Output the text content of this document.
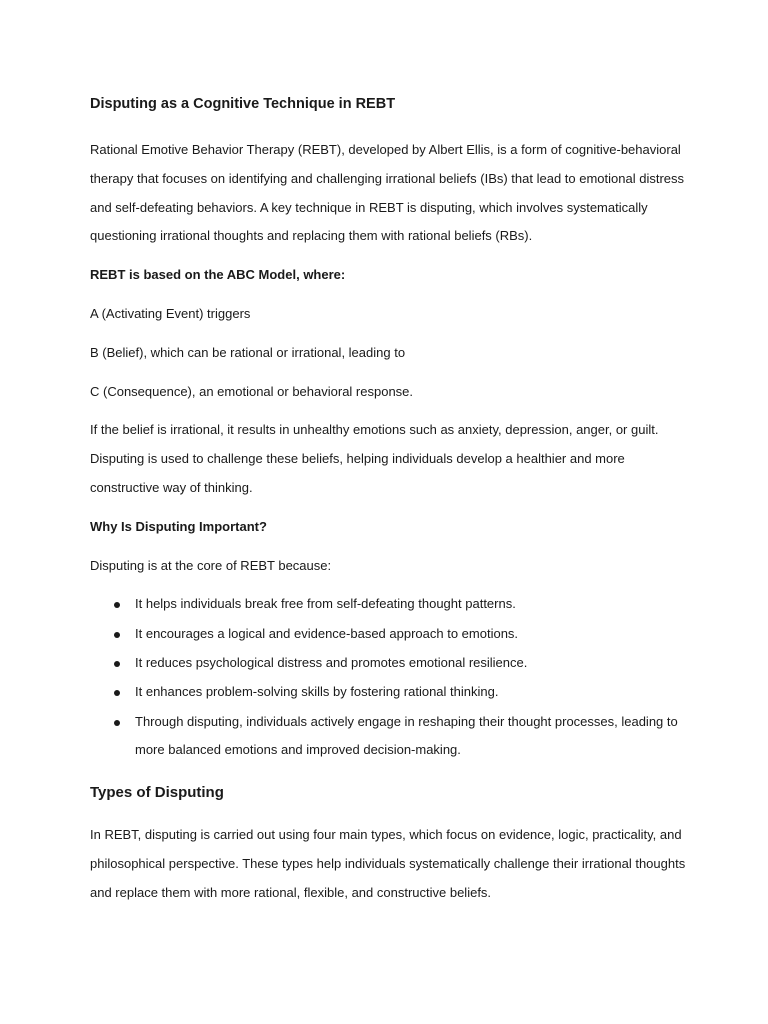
Disputing as a Cognitive Technique in REBT
Rational Emotive Behavior Therapy (REBT), developed by Albert Ellis, is a form of cognitive-behavioral therapy that focuses on identifying and challenging irrational beliefs (IBs) that lead to emotional distress and self-defeating behaviors. A key technique in REBT is disputing, which involves systematically questioning irrational thoughts and replacing them with rational beliefs (RBs).
REBT is based on the ABC Model, where:
A (Activating Event) triggers
B (Belief), which can be rational or irrational, leading to
C (Consequence), an emotional or behavioral response.
If the belief is irrational, it results in unhealthy emotions such as anxiety, depression, anger, or guilt. Disputing is used to challenge these beliefs, helping individuals develop a healthier and more constructive way of thinking.
Why Is Disputing Important?
Disputing is at the core of REBT because:
It helps individuals break free from self-defeating thought patterns.
It encourages a logical and evidence-based approach to emotions.
It reduces psychological distress and promotes emotional resilience.
It enhances problem-solving skills by fostering rational thinking.
Through disputing, individuals actively engage in reshaping their thought processes, leading to more balanced emotions and improved decision-making.
Types of Disputing
In REBT, disputing is carried out using four main types, which focus on evidence, logic, practicality, and philosophical perspective. These types help individuals systematically challenge their irrational thoughts and replace them with more rational, flexible, and constructive beliefs.
